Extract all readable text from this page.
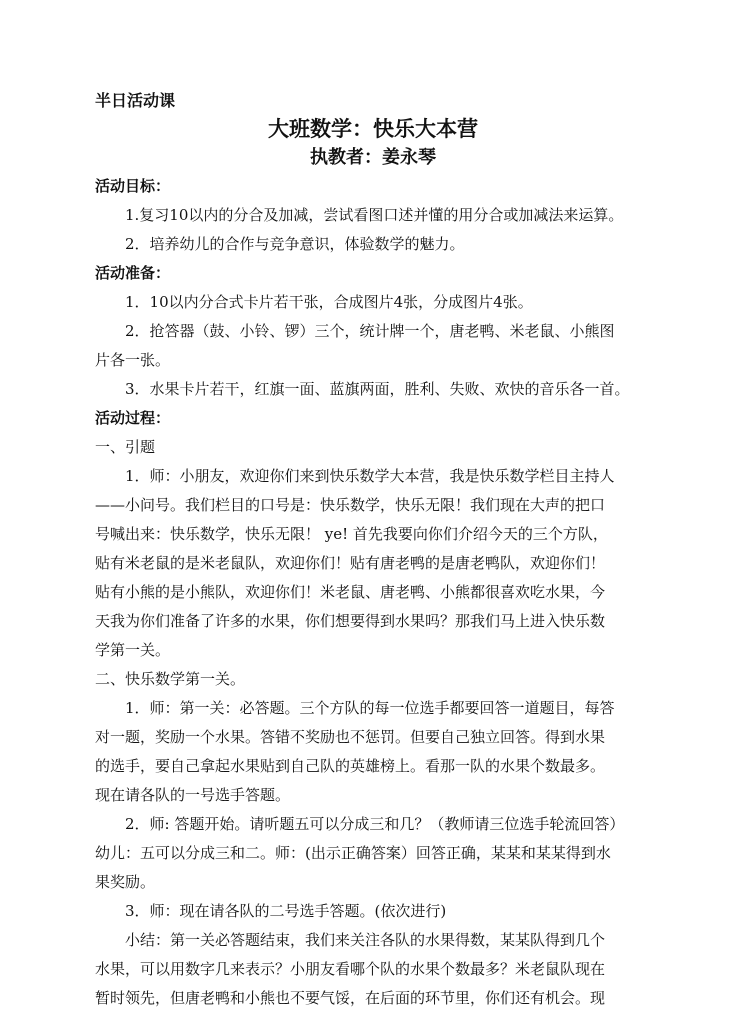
半日活动课
大班数学：快乐大本营
执教者：姜永琴
活动目标：
1.复习10以内的分合及加减，尝试看图口述并懂的用分合或加减法来运算。
2．培养幼儿的合作与竞争意识，体验数学的魅力。
活动准备：
1．10以内分合式卡片若干张，合成图片4张，分成图片4张。
2．抢答器（鼓、小铃、锣）三个，统计牌一个，唐老鸭、米老鼠、小熊图
片各一张。
3．水果卡片若干，红旗一面、蓝旗两面，胜利、失败、欢快的音乐各一首。
活动过程：
一、引题
1．师：小朋友，欢迎你们来到快乐数学大本营，我是快乐数学栏目主持人
——小问号。我们栏目的口号是：快乐数学，快乐无限！我们现在大声的把口
号喊出来：快乐数学，快乐无限！ ye! 首先我要向你们介绍今天的三个方队，
贴有米老鼠的是米老鼠队，欢迎你们！贴有唐老鸭的是唐老鸭队，欢迎你们！
贴有小熊的是小熊队，欢迎你们！米老鼠、唐老鸭、小熊都很喜欢吃水果，今
天我为你们准备了许多的水果，你们想要得到水果吗？那我们马上进入快乐数
学第一关。
二、快乐数学第一关。
1．师：第一关：必答题。三个方队的每一位选手都要回答一道题目，每答
对一题，奖励一个水果。答错不奖励也不惩罚。但要自己独立回答。得到水果
的选手，要自己拿起水果贴到自己队的英雄榜上。看那一队的水果个数最多。
现在请各队的一号选手答题。
2．师: 答题开始。请听题五可以分成三和几？（教师请三位选手轮流回答）
幼儿：五可以分成三和二。师：(出示正确答案）回答正确，某某和某某得到水
果奖励。
3．师：现在请各队的二号选手答题。(依次进行)
小结：第一关必答题结束，我们来关注各队的水果得数，某某队得到几个
水果，可以用数字几来表示？小朋友看哪个队的水果个数最多？米老鼠队现在
暂时领先，但唐老鸭和小熊也不要气馁，在后面的环节里，你们还有机会。现
